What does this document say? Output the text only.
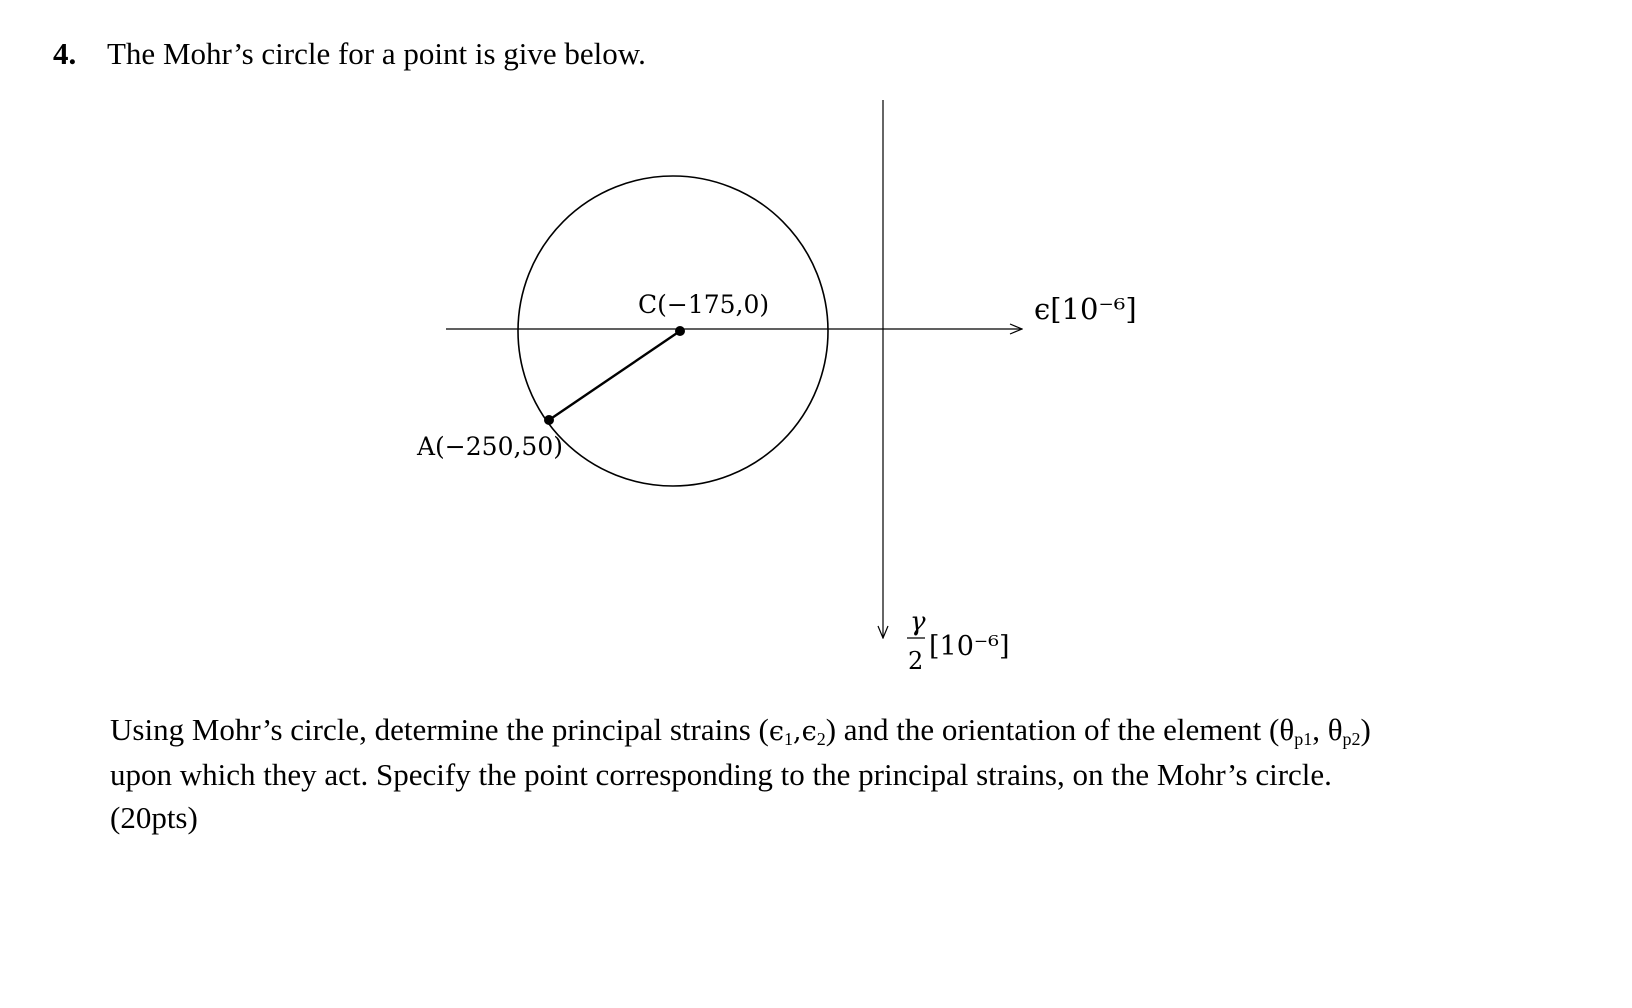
4. The Mohr’s circle for a point is give below.
C(−175,0)
A(−250,50)
ϵ[10⁻⁶]
γ
2 [10⁻⁶]

Using Mohr’s circle, determine the principal strains $(\epsilon_1,\epsilon_2)$ and the orientation of the element ($\theta_{p1}$, $\theta_{p2}$)

upon which they act. Specify the point corresponding to the principal strains, on the Mohr’s circle.

(20pts)
